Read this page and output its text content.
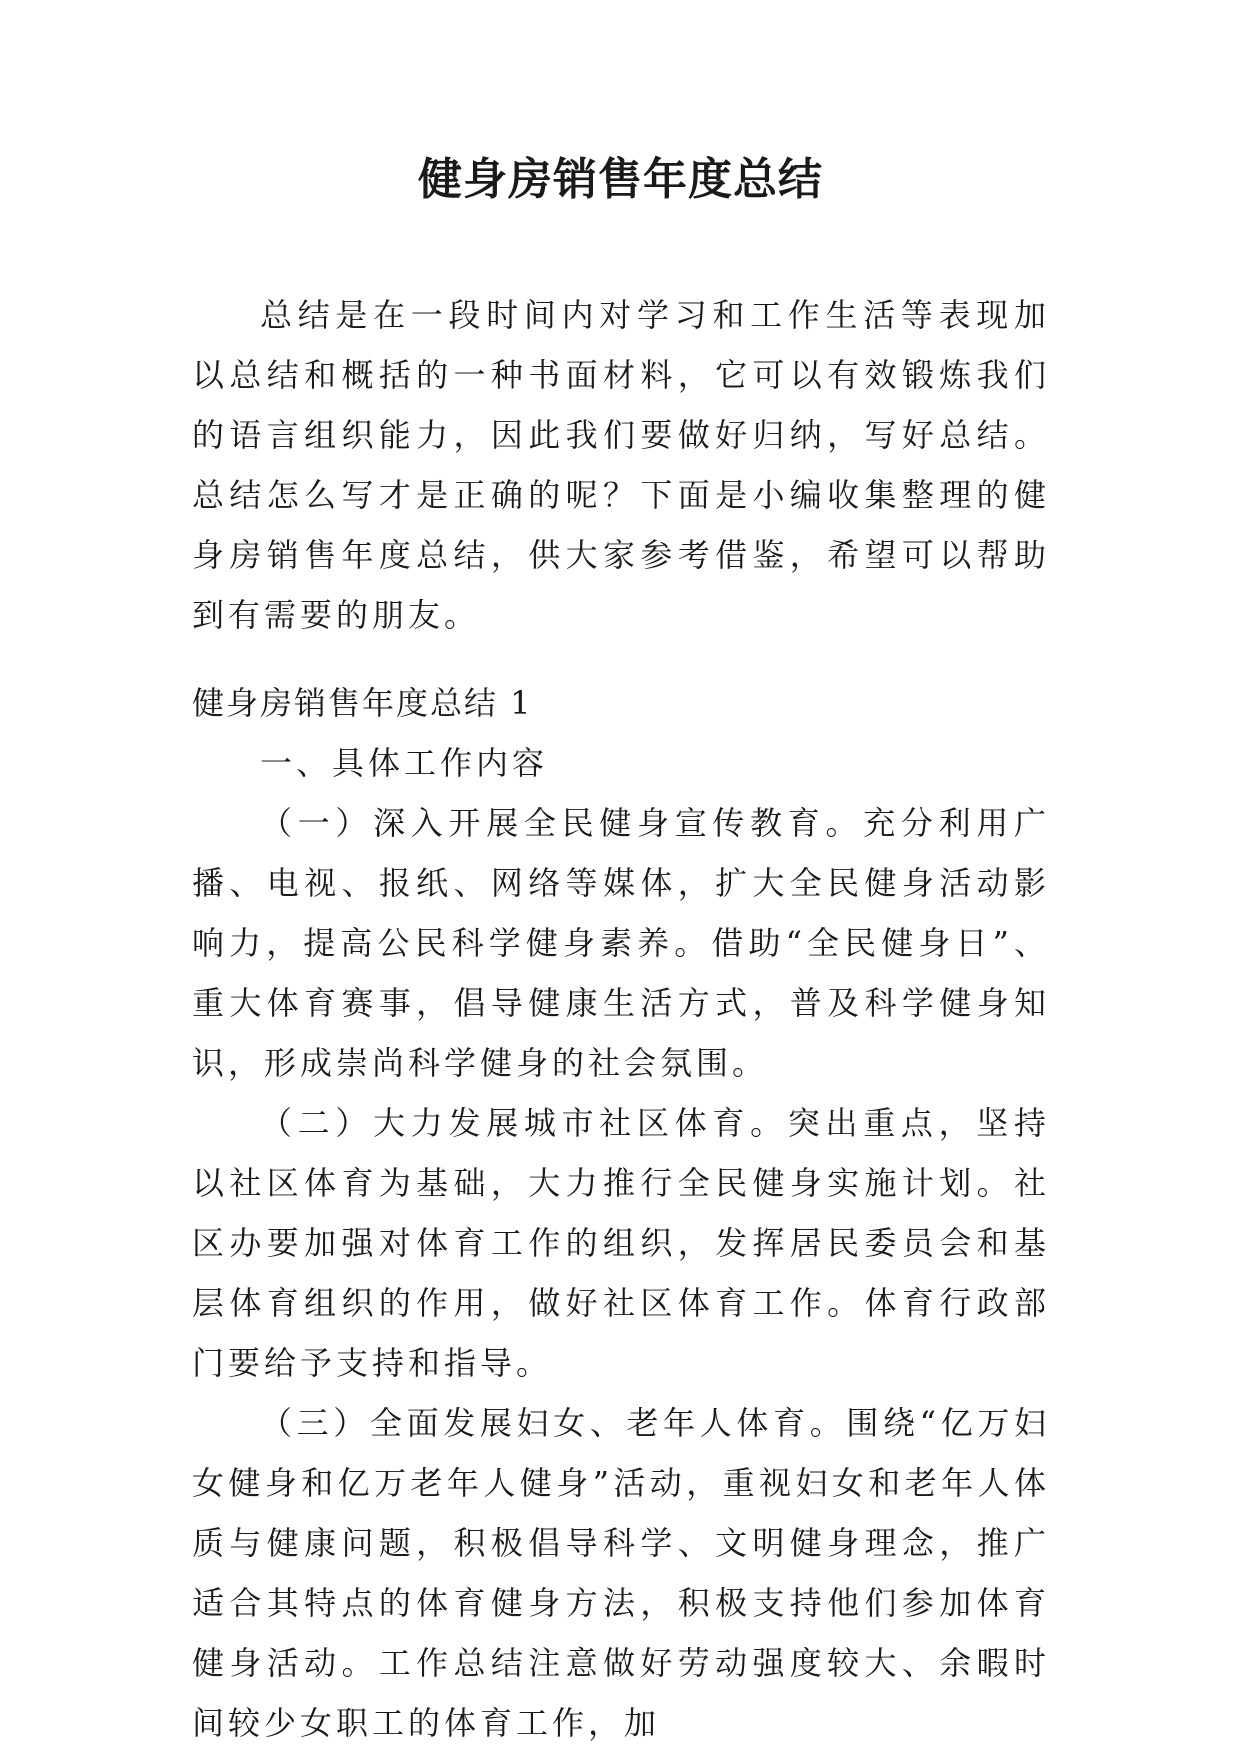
健身房销售年度总结

总结是在一段时间内对学习和工作生活等表现加以总结和概括的一种书面材料，它可以有效锻炼我们的语言组织能力，因此我们要做好归纳，写好总结。总结怎么写才是正确的呢？下面是小编收集整理的健身房销售年度总结，供大家参考借鉴，希望可以帮助到有需要的朋友。

健身房销售年度总结 1

一、具体工作内容

（一）深入开展全民健身宣传教育。充分利用广播、电视、报纸、网络等媒体，扩大全民健身活动影响力，提高公民科学健身素养。借助“全民健身日”、重大体育赛事，倡导健康生活方式，普及科学健身知识，形成崇尚科学健身的社会氛围。

（二）大力发展城市社区体育。突出重点，坚持以社区体育为基础，大力推行全民健身实施计划。社区办要加强对体育工作的组织，发挥居民委员会和基层体育组织的作用，做好社区体育工作。体育行政部门要给予支持和指导。

（三）全面发展妇女、老年人体育。围绕“亿万妇女健身和亿万老年人健身”活动，重视妇女和老年人体质与健康问题，积极倡导科学、文明健身理念，推广适合其特点的体育健身方法，积极支持他们参加体育健身活动。工作总结注意做好劳动强度较大、余暇时间较少女职工的体育工作，加
